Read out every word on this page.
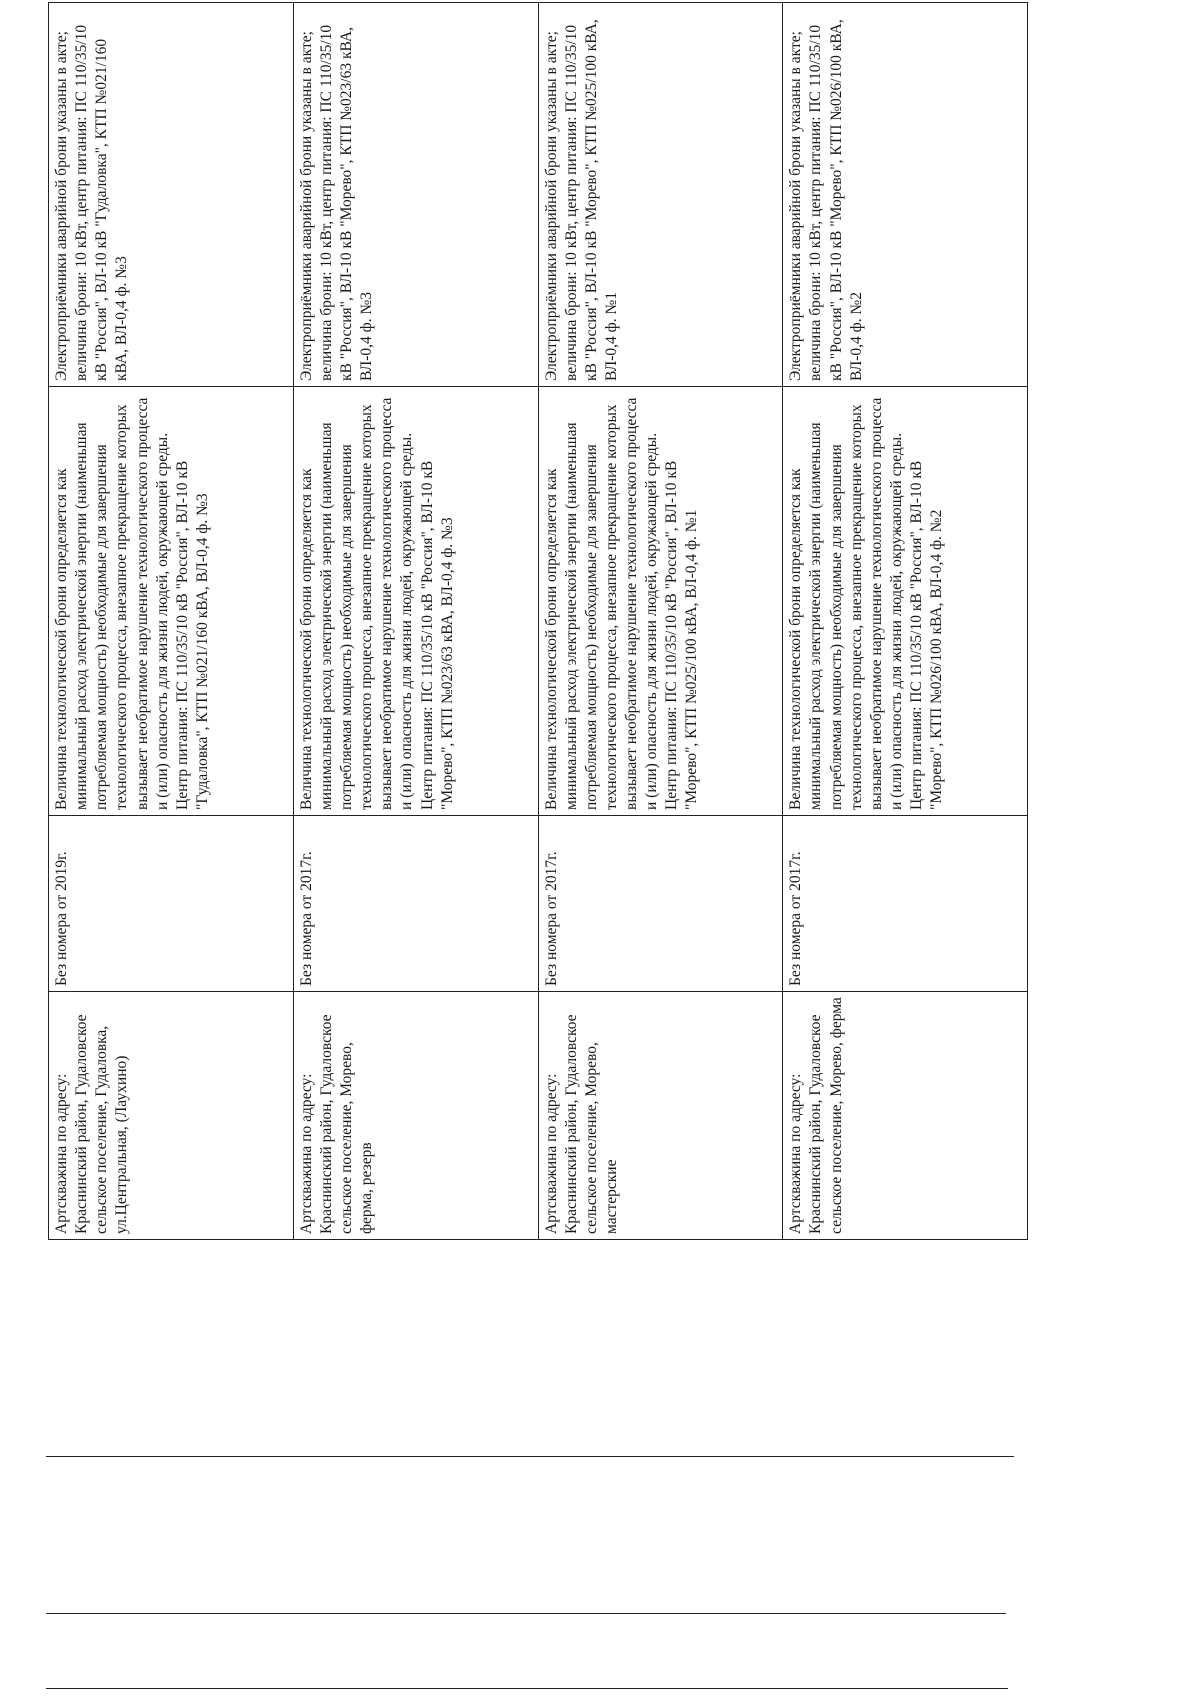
Артскважина по адресу: Краснинский район, Гудаловское сельское поселение, Гудаловка, ул.Центральная, (Лаухино)	Без номера от 2019г.	Величина технологической брони определяется как минимальный расход электрической энергии (наименьшая потребляемая мощность) необходимые для завершения технологического процесса, внезапное прекращение которых вызывает необратимое нарушение технологического процесса и (или) опасность для жизни людей, окружающей среды. Центр питания: ПС 110/35/10 кВ "Россия", ВЛ-10 кВ "Гудаловка", КТП №021/160 кВА, ВЛ-0,4 ф. №3	Электроприёмники аварийной брони указаны в акте; величина брони: 10 кВт, центр питания: ПС 110/35/10 кВ "Россия", ВЛ-10 кВ "Гудаловка", КТП №021/160 кВА, ВЛ-0,4 ф. №3
Артскважина по адресу: Краснинский район, Гудаловское сельское поселение, Морево, ферма, резерв	Без номера от 2017г.	Величина технологической брони определяется как минимальный расход электрической энергии (наименьшая потребляемая мощность) необходимые для завершения технологического процесса, внезапное прекращение которых вызывает необратимое нарушение технологического процесса и (или) опасность для жизни людей, окружающей среды. Центр питания: ПС 110/35/10 кВ "Россия", ВЛ-10 кВ "Морево", КТП №023/63 кВА, ВЛ-0,4 ф. №3	Электроприёмники аварийной брони указаны в акте; величина брони: 10 кВт, центр питания: ПС 110/35/10 кВ "Россия", ВЛ-10 кВ "Морево", КТП №023/63 кВА, ВЛ-0,4 ф. №3
Артскважина по адресу: Краснинский район, Гудаловское сельское поселение, Морево, мастерские	Без номера от 2017г.	Величина технологической брони определяется как минимальный расход электрической энергии (наименьшая потребляемая мощность) необходимые для завершения технологического процесса, внезапное прекращение которых вызывает необратимое нарушение технологического процесса и (или) опасность для жизни людей, окружающей среды. Центр питания: ПС 110/35/10 кВ "Россия", ВЛ-10 кВ "Морево", КТП №025/100 кВА, ВЛ-0,4 ф. №1	Электроприёмники аварийной брони указаны в акте; величина брони: 10 кВт, центр питания: ПС 110/35/10 кВ "Россия", ВЛ-10 кВ "Морево", КТП №025/100 кВА, ВЛ-0,4 ф. №1
Артскважина по адресу: Краснинский район, Гудаловское сельское поселение, Морево, ферма	Без номера от 2017г.	Величина технологической брони определяется как минимальный расход электрической энергии (наименьшая потребляемая мощность) необходимые для завершения технологического процесса, внезапное прекращение которых вызывает необратимое нарушение технологического процесса и (или) опасность для жизни людей, окружающей среды. Центр питания: ПС 110/35/10 кВ "Россия", ВЛ-10 кВ "Морево", КТП №026/100 кВА, ВЛ-0,4 ф. №2	Электроприёмники аварийной брони указаны в акте; величина брони: 10 кВт, центр питания: ПС 110/35/10 кВ "Россия", ВЛ-10 кВ "Морево", КТП №026/100 кВА, ВЛ-0,4 ф. №2
